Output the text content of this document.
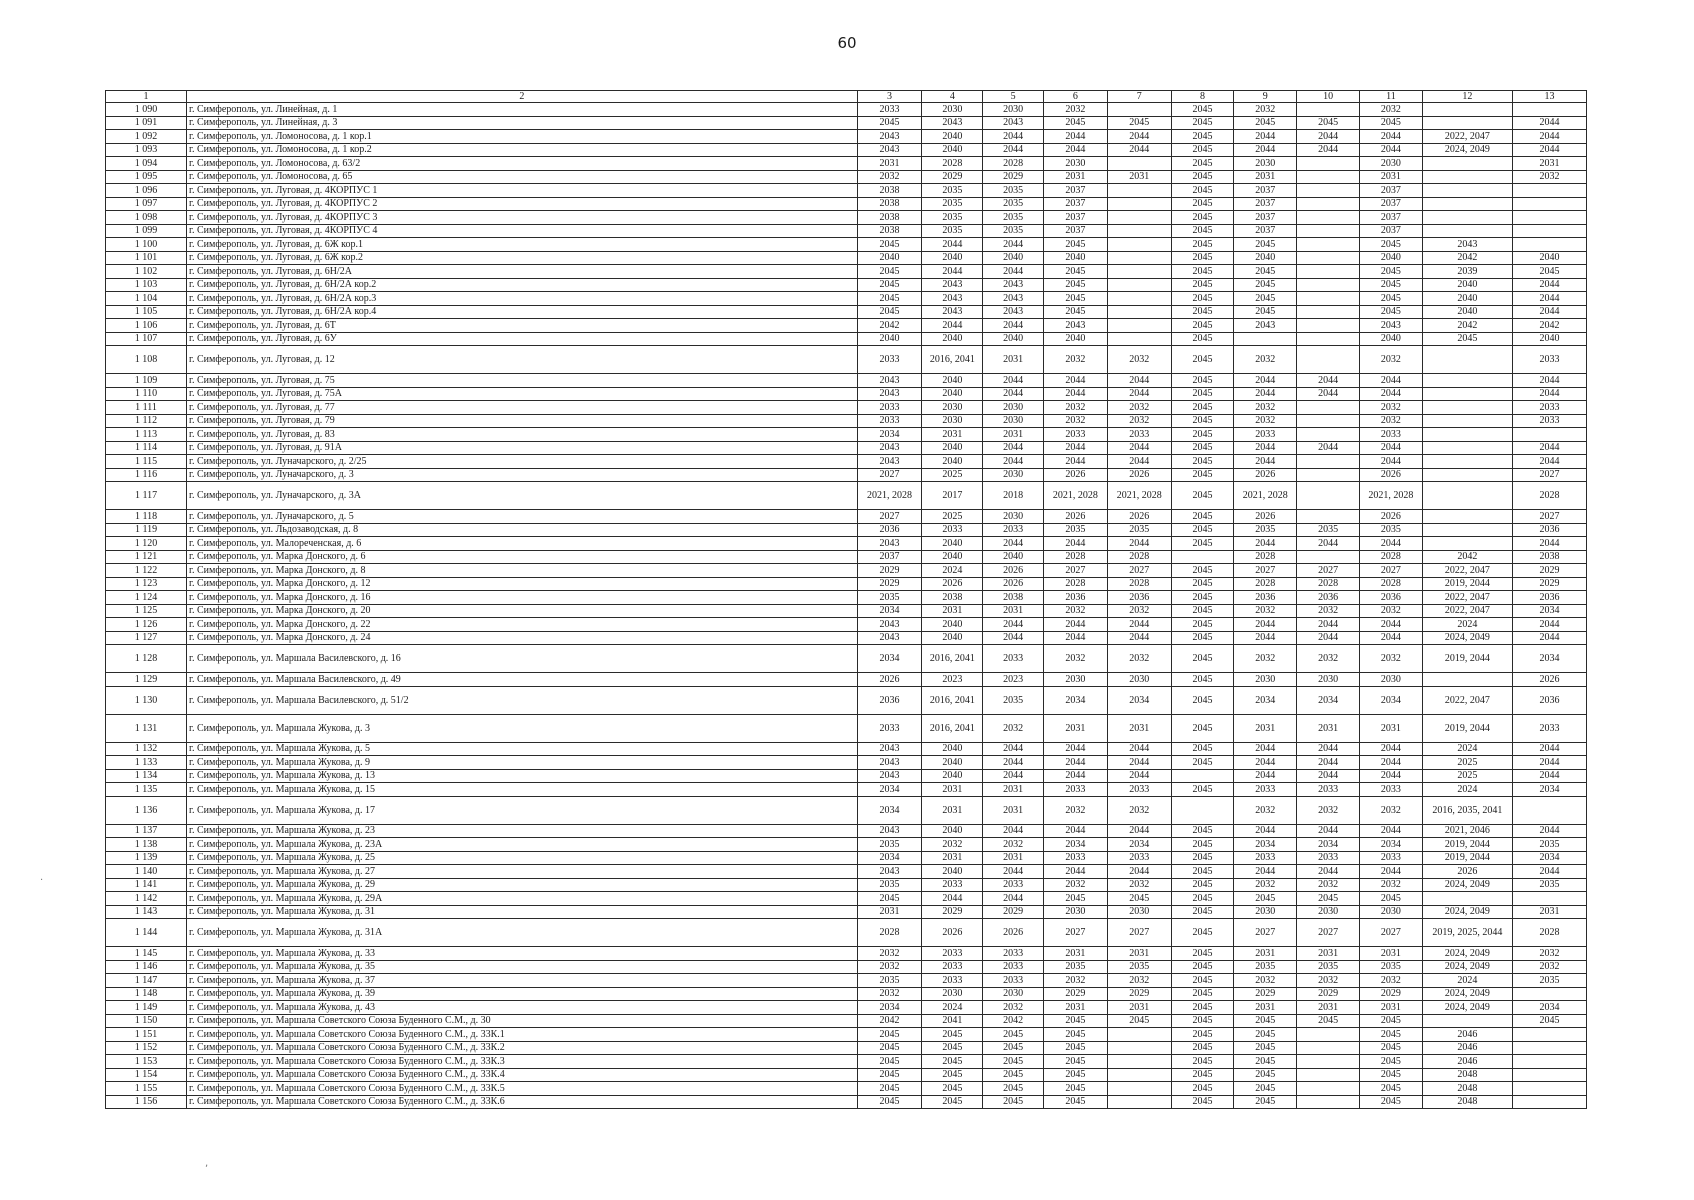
60
1	2	3	4	5	6	7	8	9	10	11	12	13
1 090	г. Симферополь, ул. Линейная, д. 1	2033	2030	2030	2032		2045	2032		2032		
1 091	г. Симферополь, ул. Линейная, д. 3	2045	2043	2043	2045	2045	2045	2045	2045	2045		2044
1 092	г. Симферополь, ул. Ломоносова, д. 1 кор.1	2043	2040	2044	2044	2044	2045	2044	2044	2044	2022, 2047	2044
1 093	г. Симферополь, ул. Ломоносова, д. 1 кор.2	2043	2040	2044	2044	2044	2045	2044	2044	2044	2024, 2049	2044
1 094	г. Симферополь, ул. Ломоносова, д. 63/2	2031	2028	2028	2030		2045	2030		2030		2031
1 095	г. Симферополь, ул. Ломоносова, д. 65	2032	2029	2029	2031	2031	2045	2031		2031		2032
1 096	г. Симферополь, ул. Луговая, д. 4КОРПУС 1	2038	2035	2035	2037		2045	2037		2037		
1 097	г. Симферополь, ул. Луговая, д. 4КОРПУС 2	2038	2035	2035	2037		2045	2037		2037		
1 098	г. Симферополь, ул. Луговая, д. 4КОРПУС 3	2038	2035	2035	2037		2045	2037		2037		
1 099	г. Симферополь, ул. Луговая, д. 4КОРПУС 4	2038	2035	2035	2037		2045	2037		2037		
1 100	г. Симферополь, ул. Луговая, д. 6Ж кор.1	2045	2044	2044	2045		2045	2045		2045	2043	
1 101	г. Симферополь, ул. Луговая, д. 6Ж кор.2	2040	2040	2040	2040		2045	2040		2040	2042	2040
1 102	г. Симферополь, ул. Луговая, д. 6Н/2А	2045	2044	2044	2045		2045	2045		2045	2039	2045
1 103	г. Симферополь, ул. Луговая, д. 6Н/2А кор.2	2045	2043	2043	2045		2045	2045		2045	2040	2044
1 104	г. Симферополь, ул. Луговая, д. 6Н/2А кор.3	2045	2043	2043	2045		2045	2045		2045	2040	2044
1 105	г. Симферополь, ул. Луговая, д. 6Н/2А кор.4	2045	2043	2043	2045		2045	2045		2045	2040	2044
1 106	г. Симферополь, ул. Луговая, д. 6Т	2042	2044	2044	2043		2045	2043		2043	2042	2042
1 107	г. Симферополь, ул. Луговая, д. 6У	2040	2040	2040	2040		2045			2040	2045	2040
1 108	г. Симферополь, ул. Луговая, д. 12	2033	2016, 2041	2031	2032	2032	2045	2032		2032		2033
1 109	г. Симферополь, ул. Луговая, д. 75	2043	2040	2044	2044	2044	2045	2044	2044	2044		2044
1 110	г. Симферополь, ул. Луговая, д. 75А	2043	2040	2044	2044	2044	2045	2044	2044	2044		2044
1 111	г. Симферополь, ул. Луговая, д. 77	2033	2030	2030	2032	2032	2045	2032		2032		2033
1 112	г. Симферополь, ул. Луговая, д. 79	2033	2030	2030	2032	2032	2045	2032		2032		2033
1 113	г. Симферополь, ул. Луговая, д. 83	2034	2031	2031	2033	2033	2045	2033		2033		
1 114	г. Симферополь, ул. Луговая, д. 91А	2043	2040	2044	2044	2044	2045	2044	2044	2044		2044
1 115	г. Симферополь, ул. Луначарского, д. 2/25	2043	2040	2044	2044	2044	2045	2044		2044		2044
1 116	г. Симферополь, ул. Луначарского, д. 3	2027	2025	2030	2026	2026	2045	2026		2026		2027
1 117	г. Симферополь, ул. Луначарского, д. 3А	2021, 2028	2017	2018	2021, 2028	2021, 2028	2045	2021, 2028		2021, 2028		2028
1 118	г. Симферополь, ул. Луначарского, д. 5	2027	2025	2030	2026	2026	2045	2026		2026		2027
1 119	г. Симферополь, ул. Льдозаводская, д. 8	2036	2033	2033	2035	2035	2045	2035	2035	2035		2036
1 120	г. Симферополь, ул. Малореченская, д. 6	2043	2040	2044	2044	2044	2045	2044	2044	2044		2044
1 121	г. Симферополь, ул. Марка Донского, д. 6	2037	2040	2040	2028	2028		2028		2028	2042	2038
1 122	г. Симферополь, ул. Марка Донского, д. 8	2029	2024	2026	2027	2027	2045	2027	2027	2027	2022, 2047	2029
1 123	г. Симферополь, ул. Марка Донского, д. 12	2029	2026	2026	2028	2028	2045	2028	2028	2028	2019, 2044	2029
1 124	г. Симферополь, ул. Марка Донского, д. 16	2035	2038	2038	2036	2036	2045	2036	2036	2036	2022, 2047	2036
1 125	г. Симферополь, ул. Марка Донского, д. 20	2034	2031	2031	2032	2032	2045	2032	2032	2032	2022, 2047	2034
1 126	г. Симферополь, ул. Марка Донского, д. 22	2043	2040	2044	2044	2044	2045	2044	2044	2044	2024	2044
1 127	г. Симферополь, ул. Марка Донского, д. 24	2043	2040	2044	2044	2044	2045	2044	2044	2044	2024, 2049	2044
1 128	г. Симферополь, ул. Маршала Василевского, д. 16	2034	2016, 2041	2033	2032	2032	2045	2032	2032	2032	2019, 2044	2034
1 129	г. Симферополь, ул. Маршала Василевского, д. 49	2026	2023	2023	2030	2030	2045	2030	2030	2030		2026
1 130	г. Симферополь, ул. Маршала Василевского, д. 51/2	2036	2016, 2041	2035	2034	2034	2045	2034	2034	2034	2022, 2047	2036
1 131	г. Симферополь, ул. Маршала Жукова, д. 3	2033	2016, 2041	2032	2031	2031	2045	2031	2031	2031	2019, 2044	2033
1 132	г. Симферополь, ул. Маршала Жукова, д. 5	2043	2040	2044	2044	2044	2045	2044	2044	2044	2024	2044
1 133	г. Симферополь, ул. Маршала Жукова, д. 9	2043	2040	2044	2044	2044	2045	2044	2044	2044	2025	2044
1 134	г. Симферополь, ул. Маршала Жукова, д. 13	2043	2040	2044	2044	2044		2044	2044	2044	2025	2044
1 135	г. Симферополь, ул. Маршала Жукова, д. 15	2034	2031	2031	2033	2033	2045	2033	2033	2033	2024	2034
1 136	г. Симферополь, ул. Маршала Жукова, д. 17	2034	2031	2031	2032	2032		2032	2032	2032	2016, 2035, 2041	
1 137	г. Симферополь, ул. Маршала Жукова, д. 23	2043	2040	2044	2044	2044	2045	2044	2044	2044	2021, 2046	2044
1 138	г. Симферополь, ул. Маршала Жукова, д. 23А	2035	2032	2032	2034	2034	2045	2034	2034	2034	2019, 2044	2035
1 139	г. Симферополь, ул. Маршала Жукова, д. 25	2034	2031	2031	2033	2033	2045	2033	2033	2033	2019, 2044	2034
1 140	г. Симферополь, ул. Маршала Жукова, д. 27	2043	2040	2044	2044	2044	2045	2044	2044	2044	2026	2044
1 141	г. Симферополь, ул. Маршала Жукова, д. 29	2035	2033	2033	2032	2032	2045	2032	2032	2032	2024, 2049	2035
1 142	г. Симферополь, ул. Маршала Жукова, д. 29А	2045	2044	2044	2045	2045	2045	2045	2045	2045		
1 143	г. Симферополь, ул. Маршала Жукова, д. 31	2031	2029	2029	2030	2030	2045	2030	2030	2030	2024, 2049	2031
1 144	г. Симферополь, ул. Маршала Жукова, д. 31А	2028	2026	2026	2027	2027	2045	2027	2027	2027	2019, 2025, 2044	2028
1 145	г. Симферополь, ул. Маршала Жукова, д. 33	2032	2033	2033	2031	2031	2045	2031	2031	2031	2024, 2049	2032
1 146	г. Симферополь, ул. Маршала Жукова, д. 35	2032	2033	2033	2035	2035	2045	2035	2035	2035	2024, 2049	2032
1 147	г. Симферополь, ул. Маршала Жукова, д. 37	2035	2033	2033	2032	2032	2045	2032	2032	2032	2024	2035
1 148	г. Симферополь, ул. Маршала Жукова, д. 39	2032	2030	2030	2029	2029	2045	2029	2029	2029	2024, 2049	
1 149	г. Симферополь, ул. Маршала Жукова, д. 43	2034	2024	2032	2031	2031	2045	2031	2031	2031	2024, 2049	2034
1 150	г. Симферополь, ул. Маршала Советского Союза Буденного С.М., д. 30	2042	2041	2042	2045	2045	2045	2045	2045	2045		2045
1 151	г. Симферополь, ул. Маршала Советского Союза Буденного С.М., д. 33К.1	2045	2045	2045	2045		2045	2045		2045	2046	
1 152	г. Симферополь, ул. Маршала Советского Союза Буденного С.М., д. 33К.2	2045	2045	2045	2045		2045	2045		2045	2046	
1 153	г. Симферополь, ул. Маршала Советского Союза Буденного С.М., д. 33К.3	2045	2045	2045	2045		2045	2045		2045	2046	
1 154	г. Симферополь, ул. Маршала Советского Союза Буденного С.М., д. 33К.4	2045	2045	2045	2045		2045	2045		2045	2048	
1 155	г. Симферополь, ул. Маршала Советского Союза Буденного С.М., д. 33К.5	2045	2045	2045	2045		2045	2045		2045	2048	
1 156	г. Симферополь, ул. Маршала Советского Союза Буденного С.М., д. 33К.6	2045	2045	2045	2045		2045	2045		2045	2048	
.
,
